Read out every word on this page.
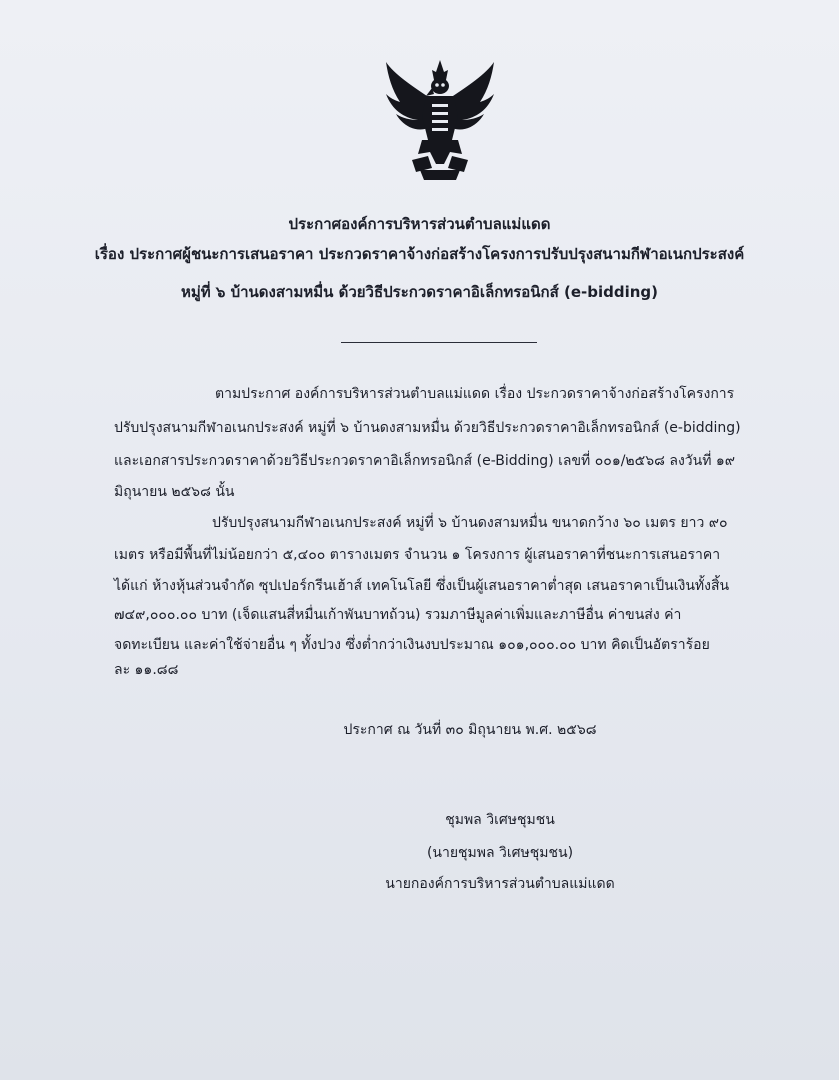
ประกาศองค์การบริหารส่วนตำบลแม่แดด
เรื่อง ประกาศผู้ชนะการเสนอราคา ประกวดราคาจ้างก่อสร้างโครงการปรับปรุงสนามกีฬาอเนกประสงค์
หมู่ที่ ๖ บ้านดงสามหมื่น ด้วยวิธีประกวดราคาอิเล็กทรอนิกส์ (e-bidding)
ตามประกาศ องค์การบริหารส่วนตำบลแม่แดด เรื่อง ประกวดราคาจ้างก่อสร้างโครงการ
ปรับปรุงสนามกีฬาอเนกประสงค์ หมู่ที่ ๖ บ้านดงสามหมื่น ด้วยวิธีประกวดราคาอิเล็กทรอนิกส์ (e-bidding)
และเอกสารประกวดราคาด้วยวิธีประกวดราคาอิเล็กทรอนิกส์ (e-Bidding) เลขที่ ๐๐๑/๒๕๖๘ ลงวันที่ ๑๙
มิถุนายน ๒๕๖๘ นั้น
ปรับปรุงสนามกีฬาอเนกประสงค์ หมู่ที่ ๖ บ้านดงสามหมื่น ขนาดกว้าง ๖๐ เมตร ยาว ๙๐
เมตร หรือมีพื้นที่ไม่น้อยกว่า ๕,๔๐๐ ตารางเมตร จำนวน ๑ โครงการ ผู้เสนอราคาที่ชนะการเสนอราคา
ได้แก่ ห้างหุ้นส่วนจำกัด ซุปเปอร์กรีนเฮ้าส์ เทคโนโลยี ซึ่งเป็นผู้เสนอราคาต่ำสุด เสนอราคาเป็นเงินทั้งสิ้น
๗๔๙,๐๐๐.๐๐ บาท (เจ็ดแสนสี่หมื่นเก้าพันบาทถ้วน) รวมภาษีมูลค่าเพิ่มและภาษีอื่น ค่าขนส่ง ค่า
จดทะเบียน และค่าใช้จ่ายอื่น ๆ ทั้งปวง ซึ่งต่ำกว่าเงินงบประมาณ ๑๐๑,๐๐๐.๐๐ บาท คิดเป็นอัตราร้อย
ละ ๑๑.๘๘
ประกาศ ณ วันที่ ๓๐ มิถุนายน พ.ศ. ๒๕๖๘
ชุมพล วิเศษชุมชน
(นายชุมพล วิเศษชุมชน)
นายกองค์การบริหารส่วนตำบลแม่แดด
